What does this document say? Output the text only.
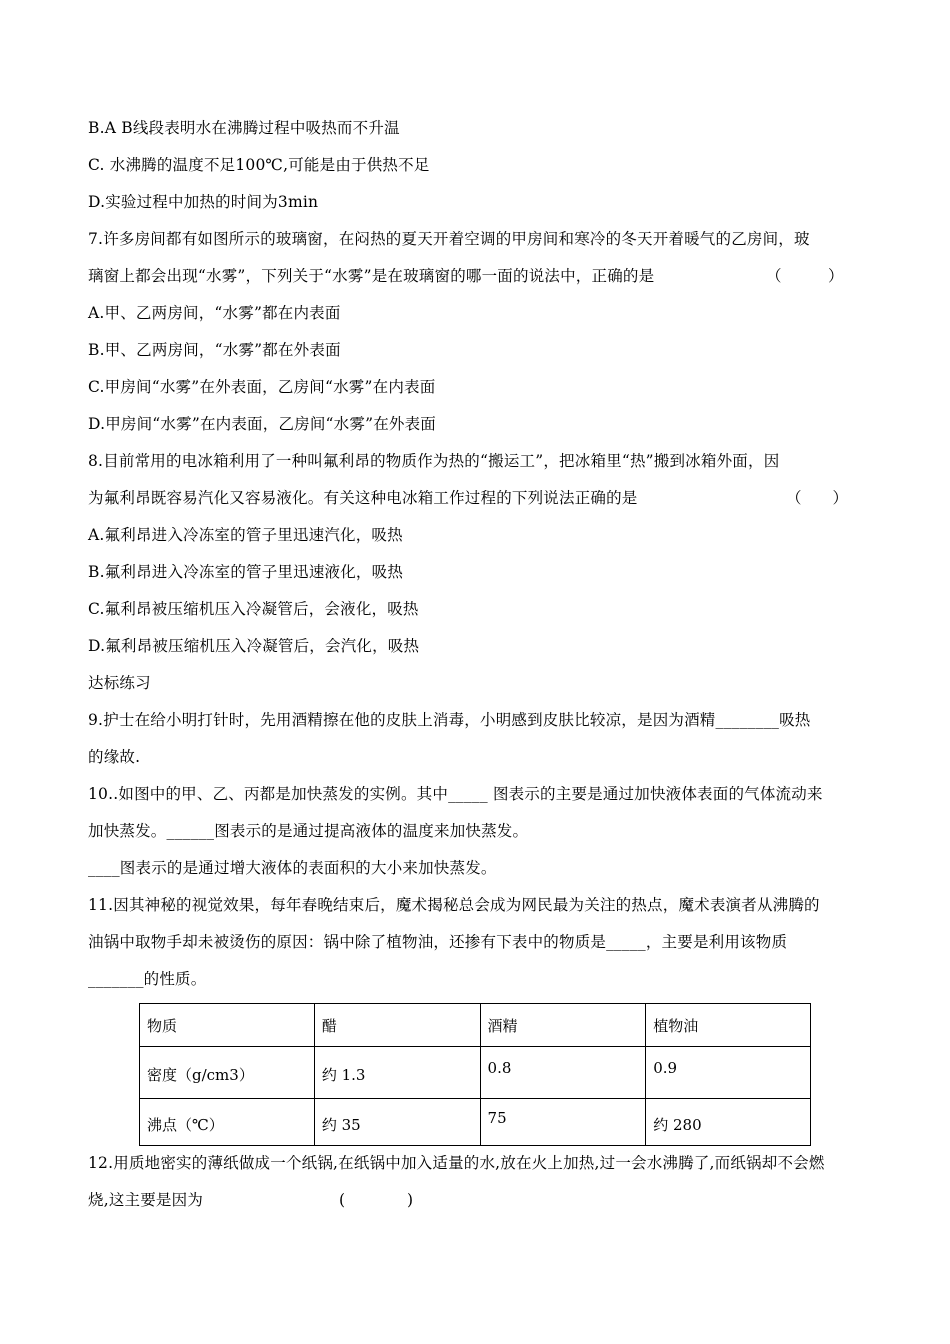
B.A B线段表明水在沸腾过程中吸热而不升温
C. 水沸腾的温度不足100℃,可能是由于供热不足
D.实验过程中加热的时间为3min
7.许多房间都有如图所示的玻璃窗，在闷热的夏天开着空调的甲房间和寒冷的冬天开着暖气的乙房间，玻
璃窗上都会出现“水雾”，下列关于“水雾”是在玻璃窗的哪一面的说法中，正确的是	（　　　）
A.甲、乙两房间，“水雾”都在内表面
B.甲、乙两房间，“水雾”都在外表面
C.甲房间“水雾”在外表面，乙房间“水雾”在内表面
D.甲房间“水雾”在内表面，乙房间“水雾”在外表面
8.目前常用的电冰箱利用了一种叫氟利昂的物质作为热的“搬运工”，把冰箱里“热”搬到冰箱外面，因
为氟利昂既容易汽化又容易液化。有关这种电冰箱工作过程的下列说法正确的是	（　　）
A.氟利昂进入冷冻室的管子里迅速汽化，吸热
B.氟利昂进入冷冻室的管子里迅速液化，吸热
C.氟利昂被压缩机压入冷凝管后，会液化，吸热
D.氟利昂被压缩机压入冷凝管后，会汽化，吸热
达标练习
9.护士在给小明打针时，先用酒精擦在他的皮肤上消毒，小明感到皮肤比较凉，是因为酒精________吸热
的缘故.
10..如图中的甲、乙、丙都是加快蒸发的实例。其中_____ 图表示的主要是通过加快液体表面的气体流动来
加快蒸发。______图表示的是通过提高液体的温度来加快蒸发。
____图表示的是通过增大液体的表面积的大小来加快蒸发。
11.因其神秘的视觉效果，每年春晚结束后，魔术揭秘总会成为网民最为关注的热点，魔术表演者从沸腾的
油锅中取物手却未被烫伤的原因：锅中除了植物油，还掺有下表中的物质是_____，主要是利用该物质
_______的性质。
物质	醋	酒精	植物油
密度（g/cm3）	约 1.3	0.8	0.9
沸点（℃）	约 35	75	约 280
12.用质地密实的薄纸做成一个纸锅,在纸锅中加入适量的水,放在火上加热,过一会水沸腾了,而纸锅却不会燃
烧,这主要是因为	(　　　　)
